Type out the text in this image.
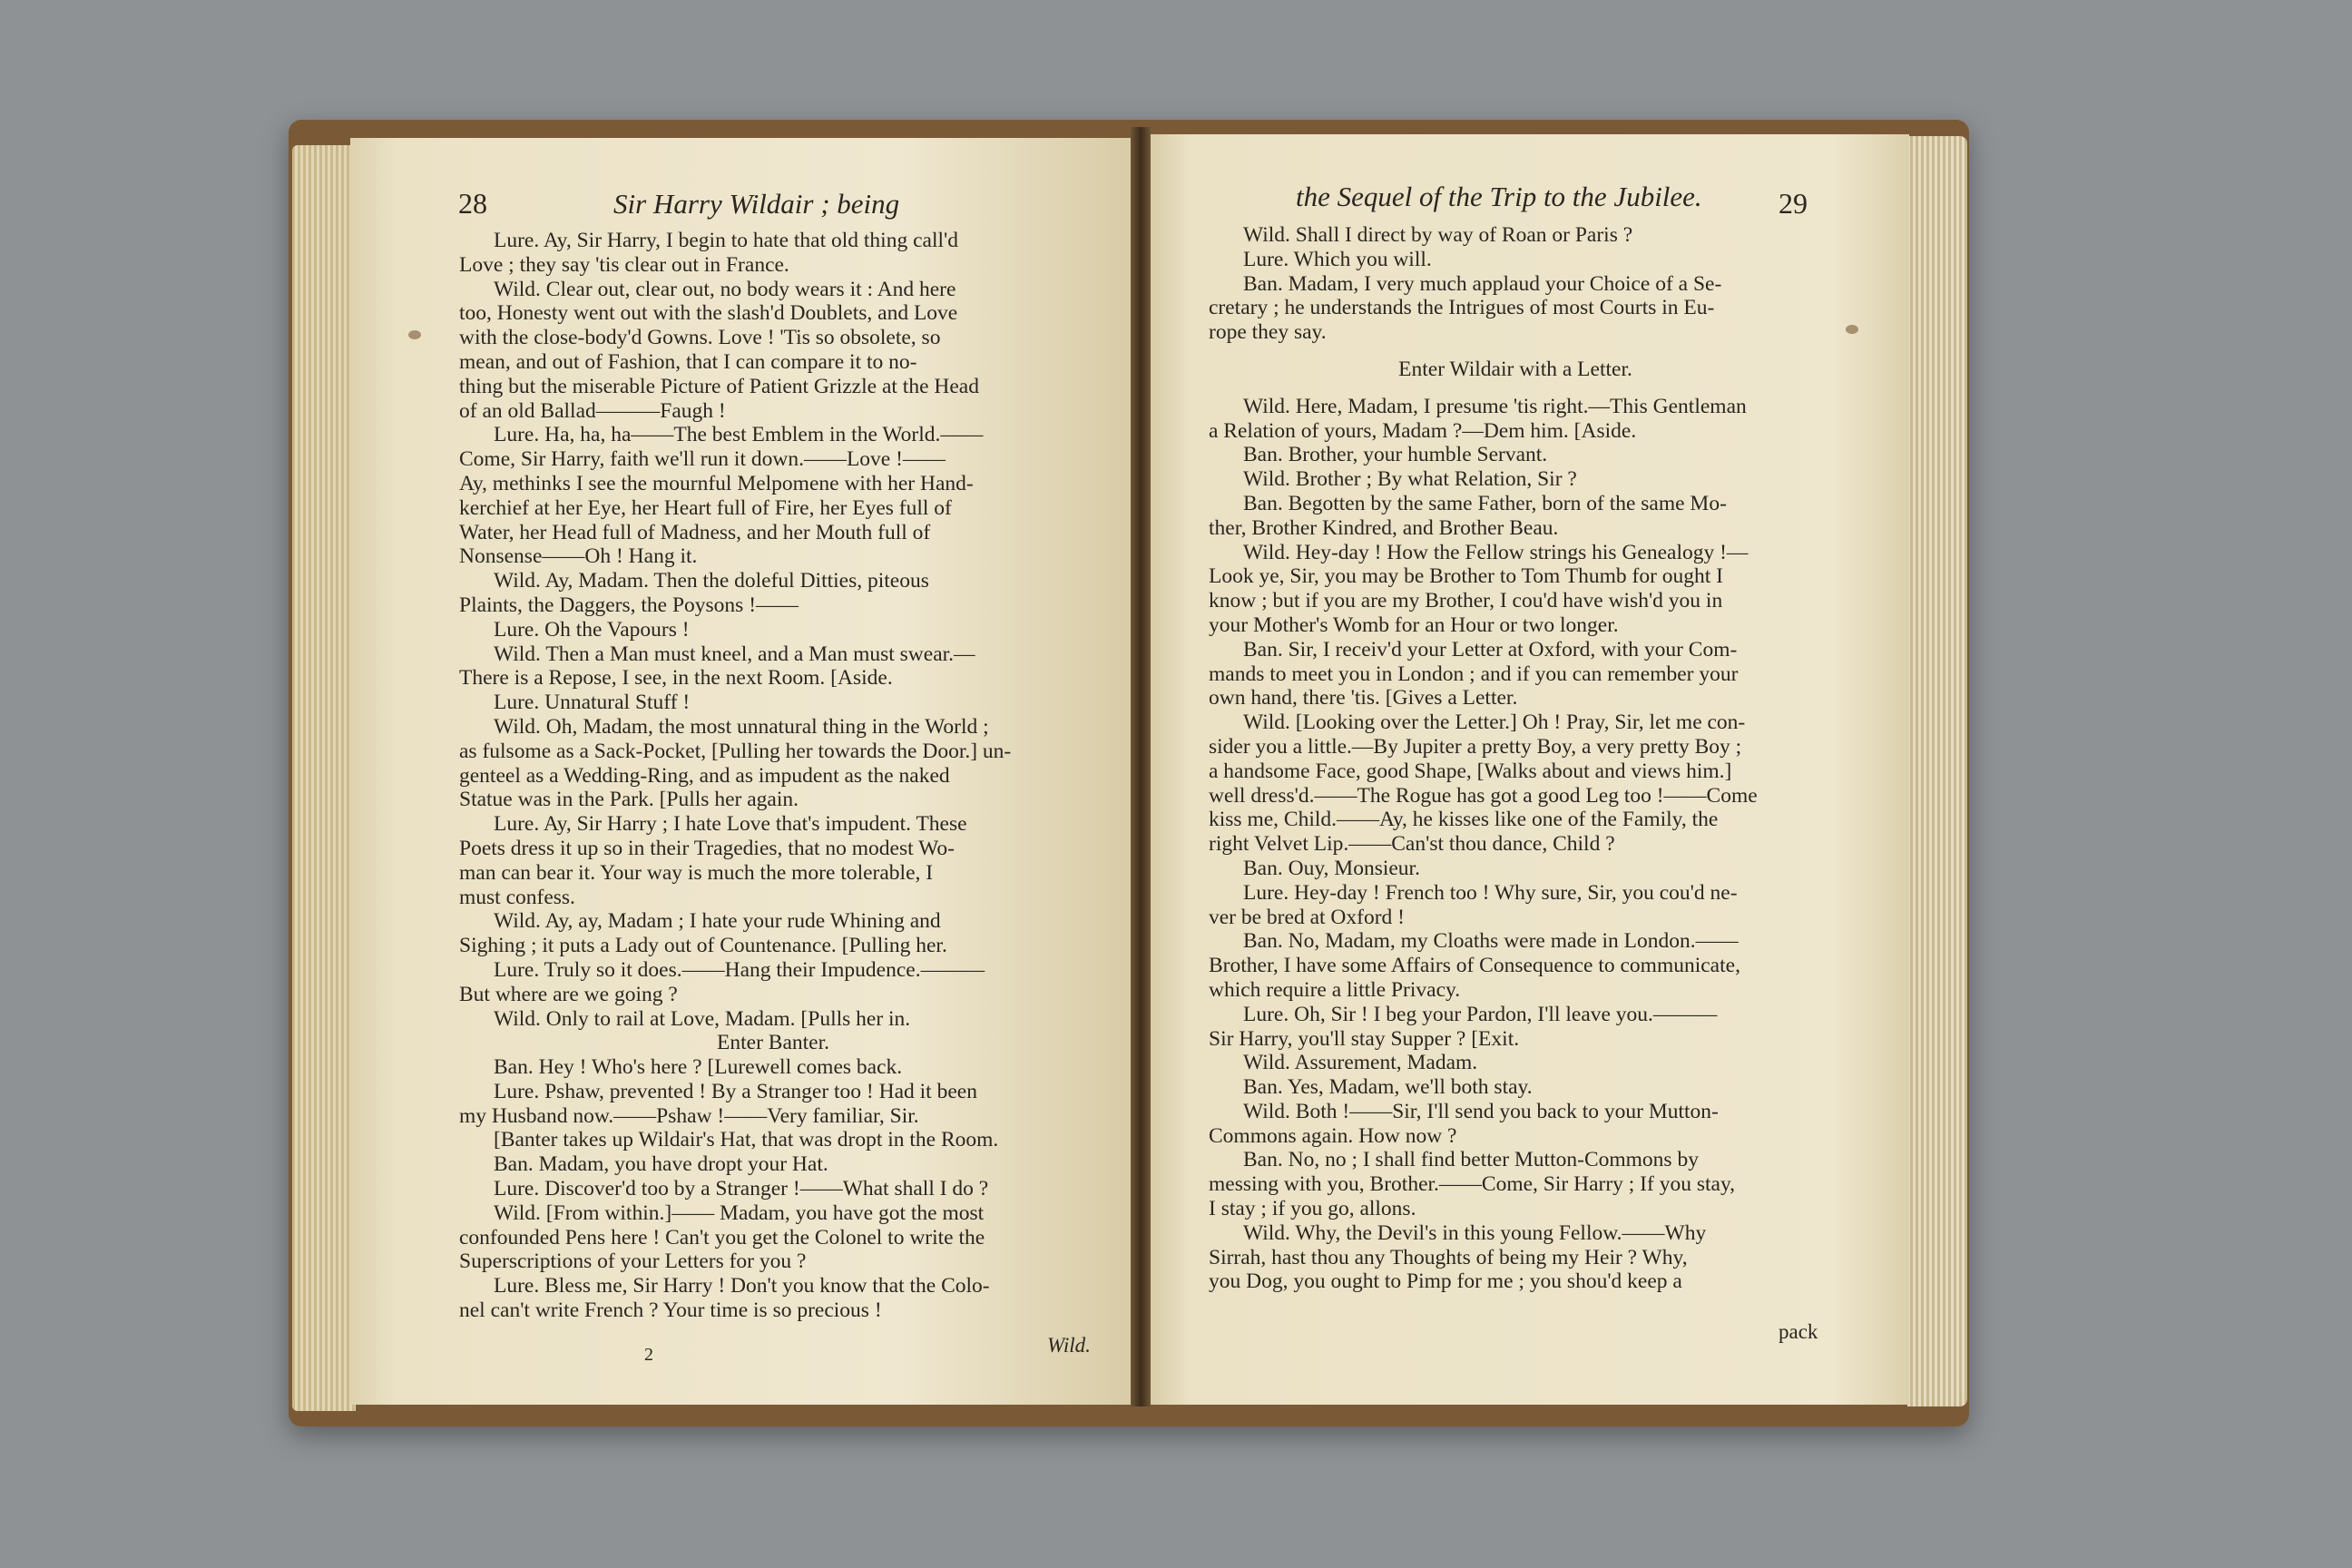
28	Sir Harry Wildair ; being	29
the Sequel of the Trip to the Jubilee.
Lure. Ay, Sir Harry, I begin to hate that old thing call'd
Love ; they say 'tis clear out in France.
Wild. Clear out, clear out, no body wears it : And here
too, Honesty went out with the slash'd Doublets, and Love
with the close-body'd Gowns. Love ! 'Tis so obsolete, so
mean, and out of Fashion, that I can compare it to no-
thing but the miserable Picture of Patient Grizzle at the Head
of an old Ballad———Faugh !
Lure. Ha, ha, ha——The best Emblem in the World.——
Come, Sir Harry, faith we'll run it down.——Love !——
Ay, methinks I see the mournful Melpomene with her Hand-
kerchief at her Eye, her Heart full of Fire, her Eyes full of
Water, her Head full of Madness, and her Mouth full of
Nonsense——Oh ! Hang it.
Wild. Ay, Madam. Then the doleful Ditties, piteous
Plaints, the Daggers, the Poysons !——
Lure. Oh the Vapours !
Wild. Then a Man must kneel, and a Man must swear.—
There is a Repose, I see, in the next Room. [Aside.
Lure. Unnatural Stuff !
Wild. Oh, Madam, the most unnatural thing in the World ;
as fulsome as a Sack-Pocket, [Pulling her towards the Door.] un-
genteel as a Wedding-Ring, and as impudent as the naked
Statue was in the Park. [Pulls her again.
Lure. Ay, Sir Harry ; I hate Love that's impudent. These
Poets dress it up so in their Tragedies, that no modest Wo-
man can bear it. Your way is much the more tolerable, I
must confess.
Wild. Ay, ay, Madam ; I hate your rude Whining and
Sighing ; it puts a Lady out of Countenance. [Pulling her.
Lure. Truly so it does.——Hang their Impudence.———
But where are we going ?
Wild. Only to rail at Love, Madam. [Pulls her in.
Enter Banter.
Ban. Hey ! Who's here ? [Lurewell comes back.
Lure. Pshaw, prevented ! By a Stranger too ! Had it been
my Husband now.——Pshaw !——Very familiar, Sir.
[Banter takes up Wildair's Hat, that was dropt in the Room.
Ban. Madam, you have dropt your Hat.
Lure. Discover'd too by a Stranger !——What shall I do ?
Wild. [From within.]—— Madam, you have got the most
confounded Pens here ! Can't you get the Colonel to write the
Superscriptions of your Letters for you ?
Lure. Bless me, Sir Harry ! Don't you know that the Colo-
nel can't write French ? Your time is so precious !
Wild. Shall I direct by way of Roan or Paris ?
Lure. Which you will.
Ban. Madam, I very much applaud your Choice of a Se-
cretary ; he understands the Intrigues of most Courts in Eu-
rope they say.
Enter Wildair with a Letter.
Wild. Here, Madam, I presume 'tis right.—This Gentleman
a Relation of yours, Madam ?—Dem him. [Aside.
Ban. Brother, your humble Servant.
Wild. Brother ; By what Relation, Sir ?
Ban. Begotten by the same Father, born of the same Mo-
ther, Brother Kindred, and Brother Beau.
Wild. Hey-day ! How the Fellow strings his Genealogy !—
Look ye, Sir, you may be Brother to Tom Thumb for ought I
know ; but if you are my Brother, I cou'd have wish'd you in
your Mother's Womb for an Hour or two longer.
Ban. Sir, I receiv'd your Letter at Oxford, with your Com-
mands to meet you in London ; and if you can remember your
own hand, there 'tis. [Gives a Letter.
Wild. [Looking over the Letter.] Oh ! Pray, Sir, let me con-
sider you a little.—By Jupiter a pretty Boy, a very pretty Boy ;
a handsome Face, good Shape, [Walks about and views him.]
well dress'd.——The Rogue has got a good Leg too !——Come
kiss me, Child.——Ay, he kisses like one of the Family, the
right Velvet Lip.——Can'st thou dance, Child ?
Ban. Ouy, Monsieur.
Lure. Hey-day ! French too ! Why sure, Sir, you cou'd ne-
ver be bred at Oxford !
Ban. No, Madam, my Cloaths were made in London.——
Brother, I have some Affairs of Consequence to communicate,
which require a little Privacy.
Lure. Oh, Sir ! I beg your Pardon, I'll leave you.———
Sir Harry, you'll stay Supper ? [Exit.
Wild. Assurement, Madam.
Ban. Yes, Madam, we'll both stay.
Wild. Both !——Sir, I'll send you back to your Mutton-
Commons again. How now ?
Ban. No, no ; I shall find better Mutton-Commons by
messing with you, Brother.——Come, Sir Harry ; If you stay,
I stay ; if you go, allons.
Wild. Why, the Devil's in this young Fellow.——Why
Sirrah, hast thou any Thoughts of being my Heir ? Why,
you Dog, you ought to Pimp for me ; you shou'd keep a
2	Wild.
pack
